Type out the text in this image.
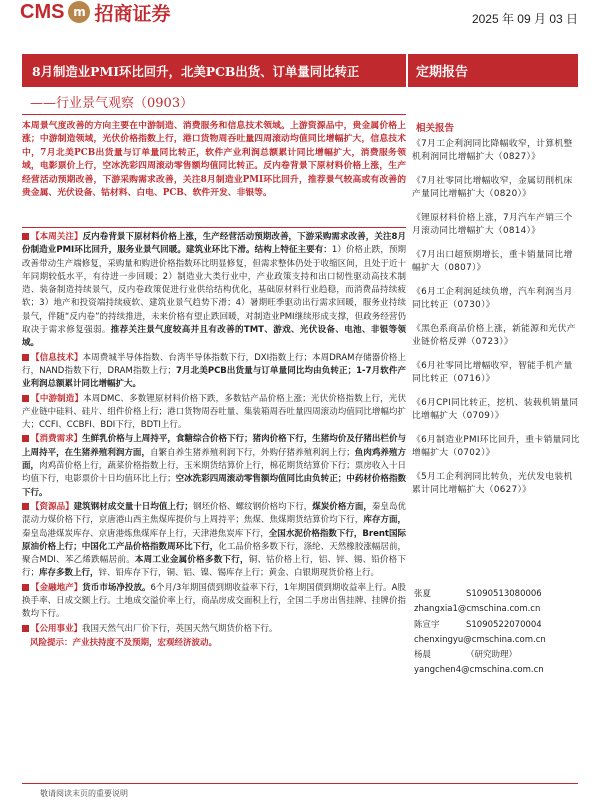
CMS m 招商证券	2025 年 09 月 03 日
8月制造业PMI环比回升，北美PCB出货、订单量同比转正	定期报告
——行业景气观察（0903）
本周景气度改善的方向主要在中游制造、消费服务和信息技术领域。上游资源品中，贵金属价格上涨；中游制造领域，光伏价格指数上行，港口货物周吞吐量四周滚动均值同比增幅扩大，信息技术中，7月北美PCB出货量与订单量同比转正，软件产业利润总额累计同比增幅扩大，消费服务领域，电影票价上行，空冰洗彩四周滚动零售额均值同比转正。反内卷背景下原材料价格上涨，生产经营活动预期改善，下游采购需求改善，关注8月制造业PMI环比回升，推荐景气较高或有改善的贵金属、光伏设备、钴材料、白电、PCB、软件开发、非银等。

【本周关注】反内卷背景下原材料价格上涨，生产经营活动预期改善，下游采购需求改善，关注8月份制造业PMI环比回升，服务业景气回暖。建筑业环比下滑。结构上特征主要有：1）价格止跌，预期改善带动生产端修复，采购量和购进价格指数环比明显修复，但需求整体仍处于收缩区间，且处于近十年同期较低水平，有待进一步回暖；2）制造业大类行业中，产业政策支持和出口韧性驱动高技术制造、装备制造持续景气，反内卷政策促进行业供给结构优化，基础原材料行业趋稳，而消费品持续疲软；3）地产和投资端持续疲软、建筑业景气趋势下滑；4）暑期旺季驱动出行需求回暖，服务业持续景气，伴随“反内卷”的持续推进，未来价格有望止跌回暖，对制造业PMI继续形成支撑，但政务经营仍取决于需求修复强弱。推荐关注景气度较高并且有改善的TMT、游戏、光伏设备、电池、非银等领域。

【信息技术】本周费城半导体指数、台湾半导体指数下行，DXI指数上行；本周DRAM存储器价格上行，NAND指数下行，DRAM指数上行；7月北美PCB出货量与订单量同比均由负转正；1-7月软件产业利润总额累计同比增幅扩大。

【中游制造】本周DMC、多数锂原材料价格下跌，多数钴产品价格上涨；光伏价格指数上行，光伏产业链中硅料、硅片、组件价格上行；港口货物周吞吐量、集装箱周吞吐量四周滚动均值同比增幅均扩大；CCFI、CCBFI、BDI下行，BDTI上行。

【消费需求】生鲜乳价格与上周持平，食糖综合价格下行；猪肉价格下行，生猪均价及仔猪出栏价与上周持平，在生猪养殖利润方面，自繁自养生猪养殖利润下行，外购仔猪养殖利润上行；鱼肉鸡养殖方面，肉鸡苗价格上行，蔬菜价格指数上行，玉米期货结算价上行，棉花期货结算价下行；票房收入十日均值下行，电影票价十日均值环比上行；空冰洗彩四周滚动零售额均值同比由负转正；中药材价格指数下行。

【资源品】建筑钢材成交量十日均值上行；钢坯价格、螺纹钢价格均下行，煤炭价格方面，秦皇岛优混动力煤价格下行，京唐港山西主焦煤库提价与上周持平；焦煤、焦煤期货结算价均下行，库存方面，秦皇岛港煤炭库存、京唐港炼焦煤库存上行，天津港焦炭库下行，全国水泥价格指数下行，Brent国际原油价格上行；中国化工产品价格指数周环比下行，化工品价格多数下行，涤纶、天然橡胶涨幅居前，聚合MDI、苯乙烯跌幅居前。本周工业金属价格多数下行，铜、钴价格上行，铝、锌、锡、铅价格下行；库存多数上行，锌、铅库存下行，铜、铝、镍、锡库存上行；黄金、白银期现货价格上行。

【金融地产】货币市场净投放。6个月/3年期国债到期收益率下行，1年期国债到期收益率上行。A股换手率、日成交额上行。土地成交溢价率上行，商品房成交面积上行，全国二手房出售挂牌、挂牌价指数均下行。

【公用事业】我国天然气出厂价下行，英国天然气期货价格下行。

风险提示：产业扶持度不及预期，宏观经济波动。

相关报告
《7月工企利润同比降幅收窄，计算机整机利润同比增幅扩大（0827）》
《7月社零同比增幅收窄，金属切削机床产量同比增幅扩大（0820）》
《锂原材料价格上涨，7月汽车产销三个月滚动同比增幅扩大（0814）》
《7月出口超预期增长，重卡销量同比增幅扩大（0807）》
《6月工企利润延续负增，汽车利润当月同比转正（0730）》
《黑色系商品价格上涨，新能源和光伏产业链价格反弹（0723）》
《6月社零同比增幅收窄，智能手机产量同比转正（0716）》
《6月CPI同比转正，挖机、装载机销量同比增幅扩大（0709）》
《6月制造业PMI环比回升，重卡销量同比增幅扩大（0702）》
《5月工企利润同比转负，光伏发电装机累计同比增幅扩大（0627）》
张夏	S1090513080006
zhangxia1@cmschina.com.cn
陈宣宇	S1090522070004
chenxingyu@cmschina.com.cn
杨晨	（研究助理）
yangchen4@cmschina.com.cn
敬请阅读末页的重要说明
